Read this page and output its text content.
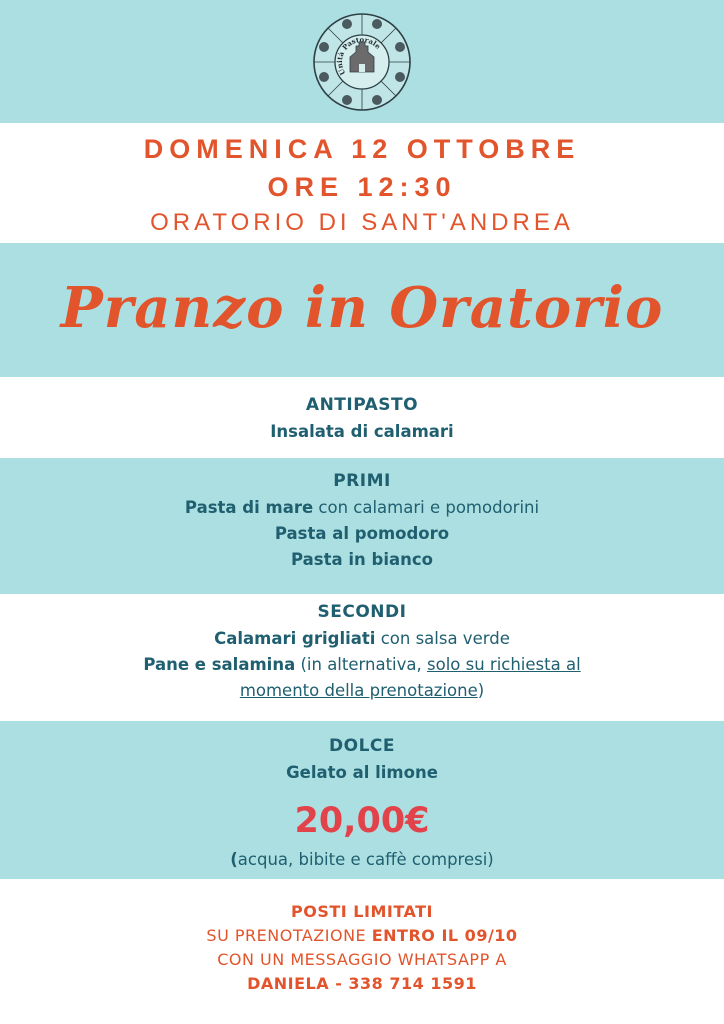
Unità Pastorale
DOMENICA 12 OTTOBRE
ORE 12:30
ORATORIO DI SANT'ANDREA
Pranzo in Oratorio
ANTIPASTO
Insalata di calamari
PRIMI
Pasta di mare con calamari e pomodorini
Pasta al pomodoro
Pasta in bianco
SECONDI
Calamari grigliati con salsa verde
Pane e salamina (in alternativa, solo su richiesta al
momento della prenotazione)
DOLCE
Gelato al limone
20,00€
(acqua, bibite e caffè compresi)
POSTI LIMITATI
SU PRENOTAZIONE ENTRO IL 09/10
CON UN MESSAGGIO WHATSAPP A
DANIELA - 338 714 1591
